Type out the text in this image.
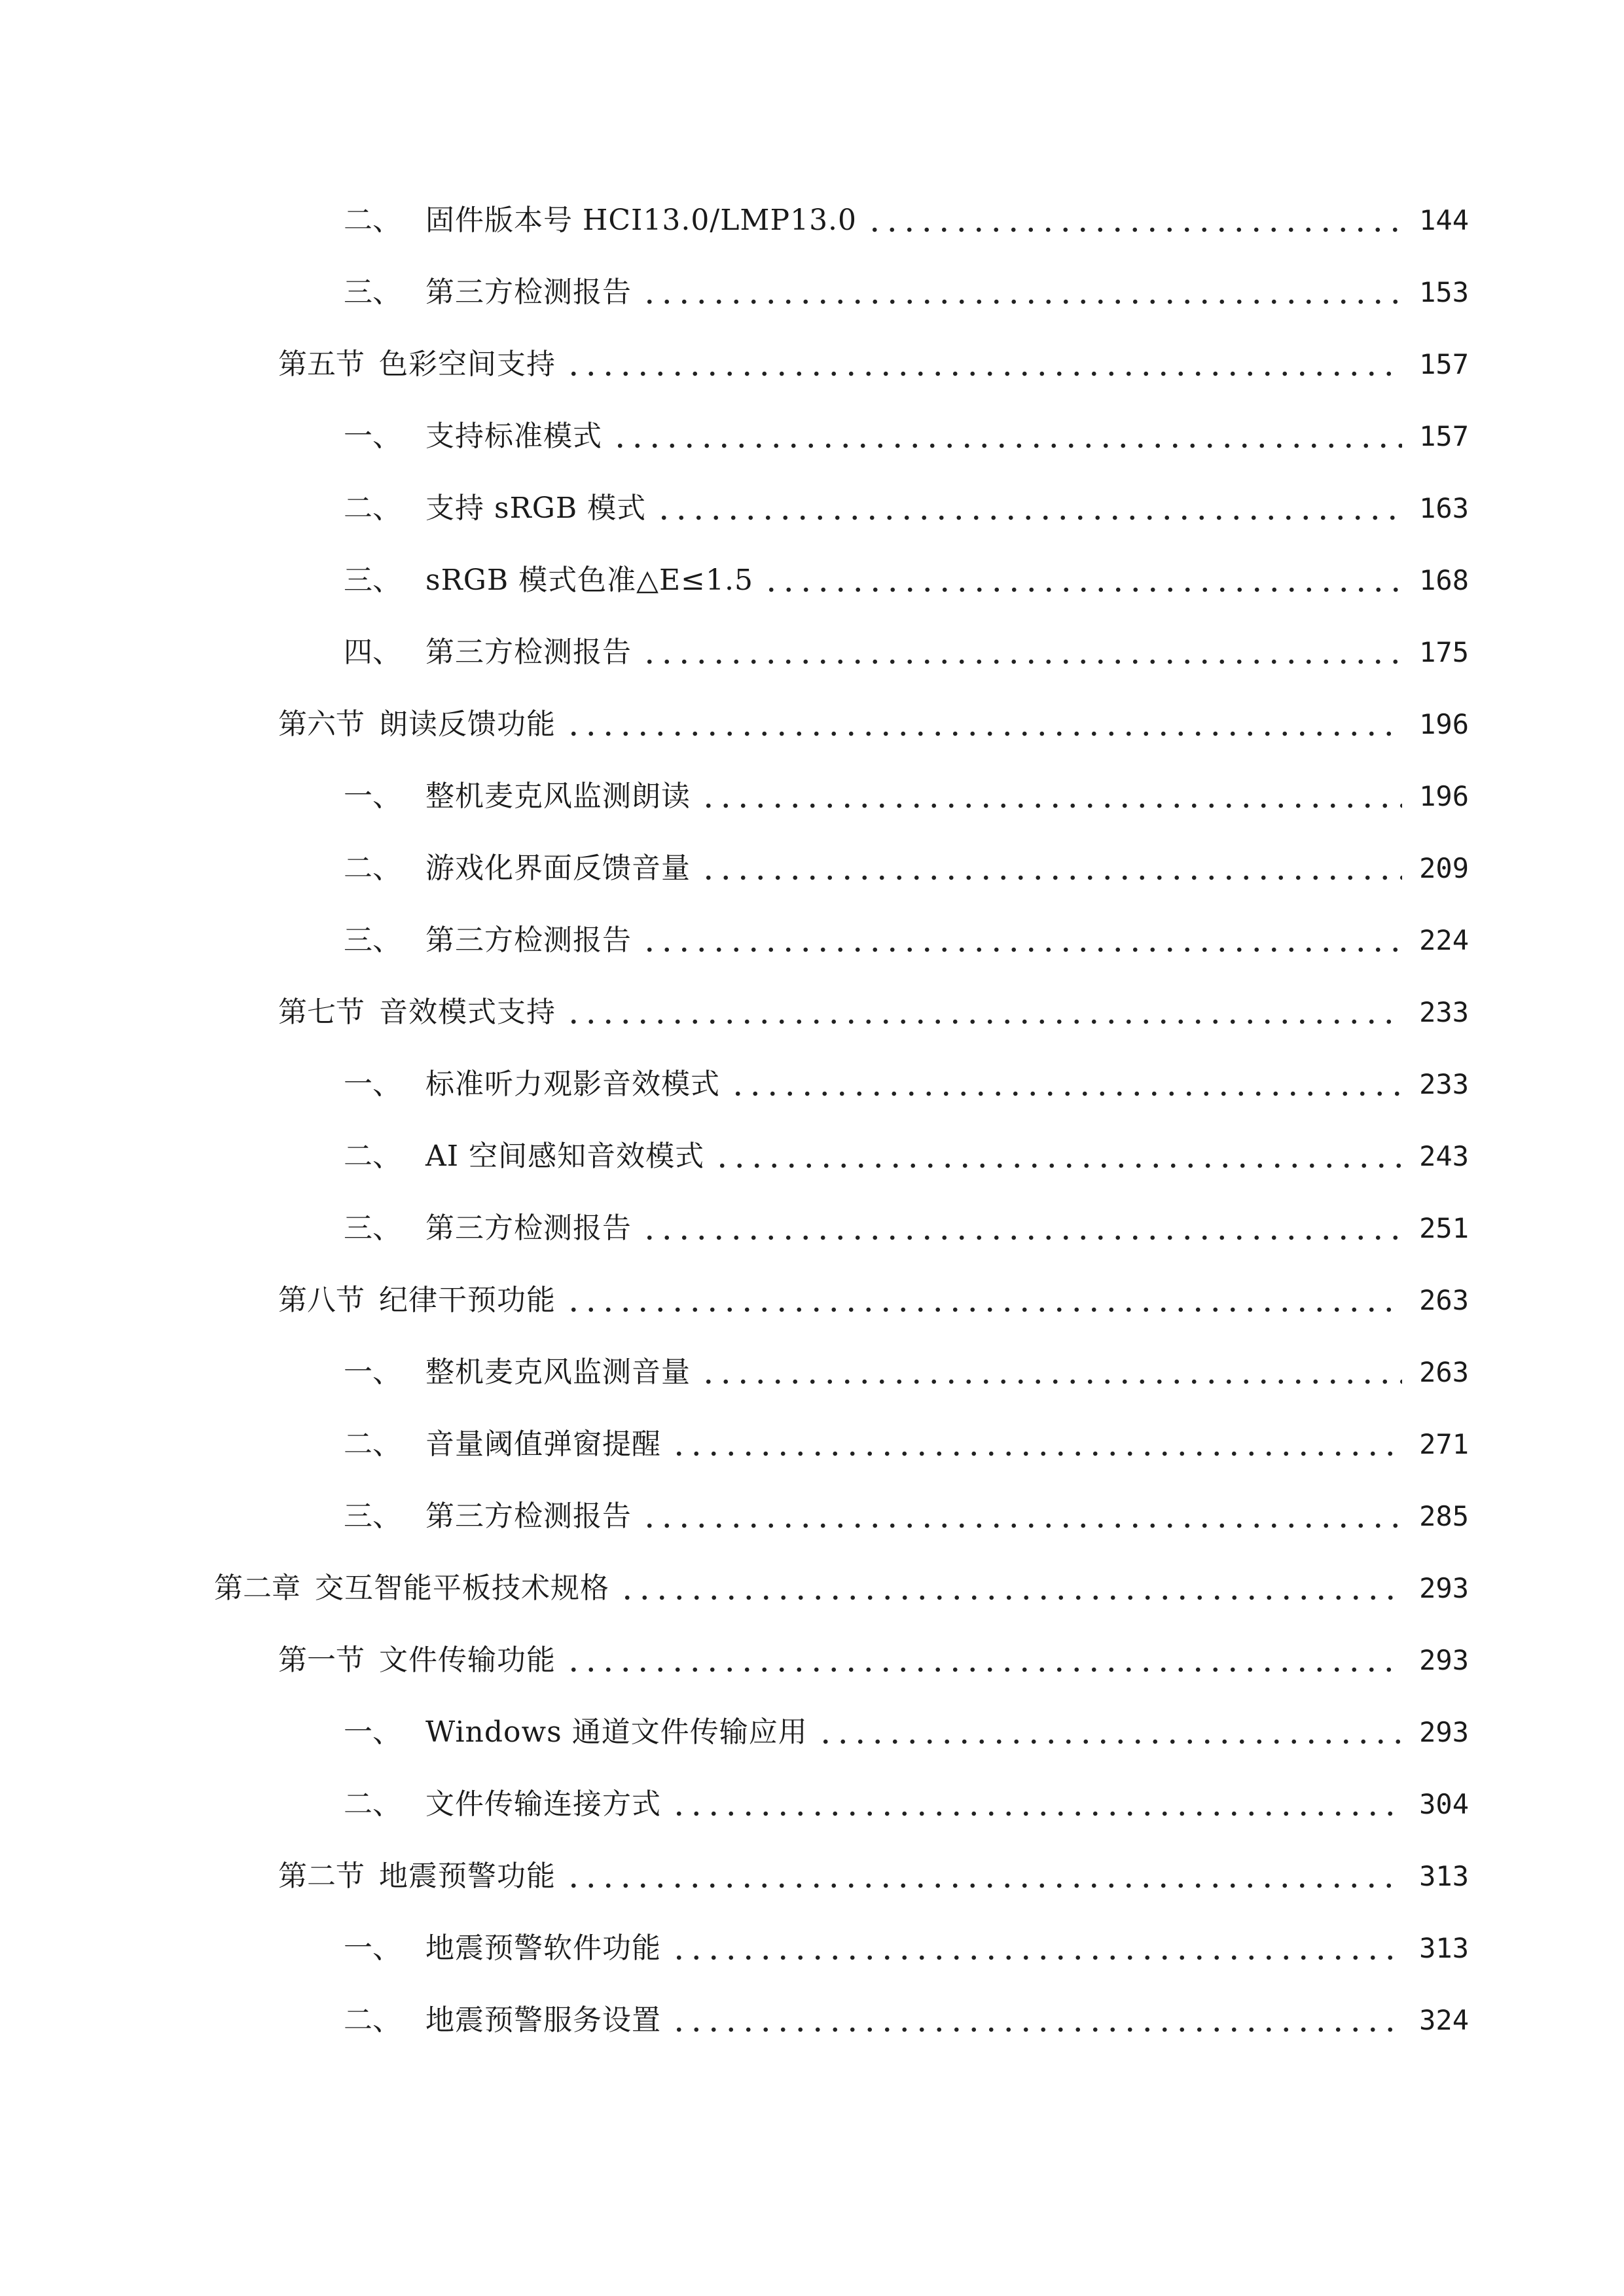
二、 固件版本号 HCI13.0/LMP13.0	144
三、 第三方检测报告	153
第五节 色彩空间支持	157
一、 支持标准模式	157
二、 支持 sRGB 模式	163
三、 sRGB 模式色准△E≤1.5	168
四、 第三方检测报告	175
第六节 朗读反馈功能	196
一、 整机麦克风监测朗读	196
二、 游戏化界面反馈音量	209
三、 第三方检测报告	224
第七节 音效模式支持	233
一、 标准听力观影音效模式	233
二、 AI 空间感知音效模式	243
三、 第三方检测报告	251
第八节 纪律干预功能	263
一、 整机麦克风监测音量	263
二、 音量阈值弹窗提醒	271
三、 第三方检测报告	285
第二章 交互智能平板技术规格	293
第一节 文件传输功能	293
一、 Windows 通道文件传输应用	293
二、 文件传输连接方式	304
第二节 地震预警功能	313
一、 地震预警软件功能	313
二、 地震预警服务设置	324
